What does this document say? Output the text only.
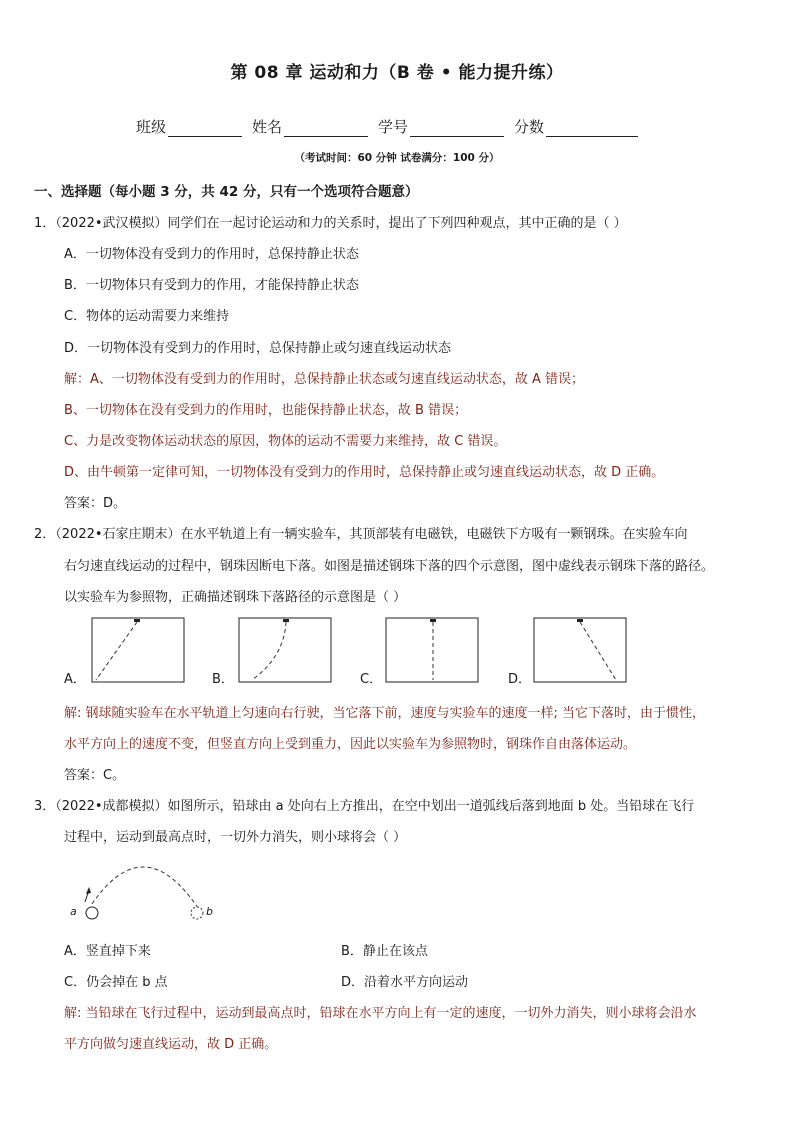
第 08 章 运动和力（B 卷 • 能力提升练）
班级	姓名	学号	分数
（考试时间：60 分钟 试卷满分：100 分）
一、选择题（每小题 3 分，共 42 分，只有一个选项符合题意）
1．（2022•武汉模拟）同学们在一起讨论运动和力的关系时，提出了下列四种观点，其中正确的是（ ）
A．一切物体没有受到力的作用时，总保持静止状态
B．一切物体只有受到力的作用，才能保持静止状态
C．物体的运动需要力来维持
D．一切物体没有受到力的作用时，总保持静止或匀速直线运动状态
解：A、一切物体没有受到力的作用时，总保持静止状态或匀速直线运动状态，故 A 错误；
B、一切物体在没有受到力的作用时，也能保持静止状态，故 B 错误；
C、力是改变物体运动状态的原因，物体的运动不需要力来维持，故 C 错误。
D、由牛顿第一定律可知，一切物体没有受到力的作用时，总保持静止或匀速直线运动状态，故 D 正确。
答案：D。
2．（2022•石家庄期末）在水平轨道上有一辆实验车，其顶部装有电磁铁，电磁铁下方吸有一颗钢珠。在实验车向
右匀速直线运动的过程中，钢珠因断电下落。如图是描述钢珠下落的四个示意图，图中虚线表示钢珠下落的路径。
以实验车为参照物，正确描述钢珠下落路径的示意图是（ ）
A．	B．	C．	D．
解: 钢球随实验车在水平轨道上匀速向右行驶，当它落下前，速度与实验车的速度一样; 当它下落时，由于惯性，
水平方向上的速度不变，但竖直方向上受到重力，因此以实验车为参照物时，钢珠作自由落体运动。
答案：C。
3．（2022•成都模拟）如图所示，铅球由 a 处向右上方推出，在空中划出一道弧线后落到地面 b 处。当铅球在飞行
过程中，运动到最高点时，一切外力消失，则小球将会（ ）
a	b
A．竖直掉下来	B．静止在该点
C．仍会掉在 b 点	D．沿着水平方向运动
解: 当铅球在飞行过程中，运动到最高点时，铅球在水平方向上有一定的速度，一切外力消失，则小球将会沿水
平方向做匀速直线运动，故 D 正确。
